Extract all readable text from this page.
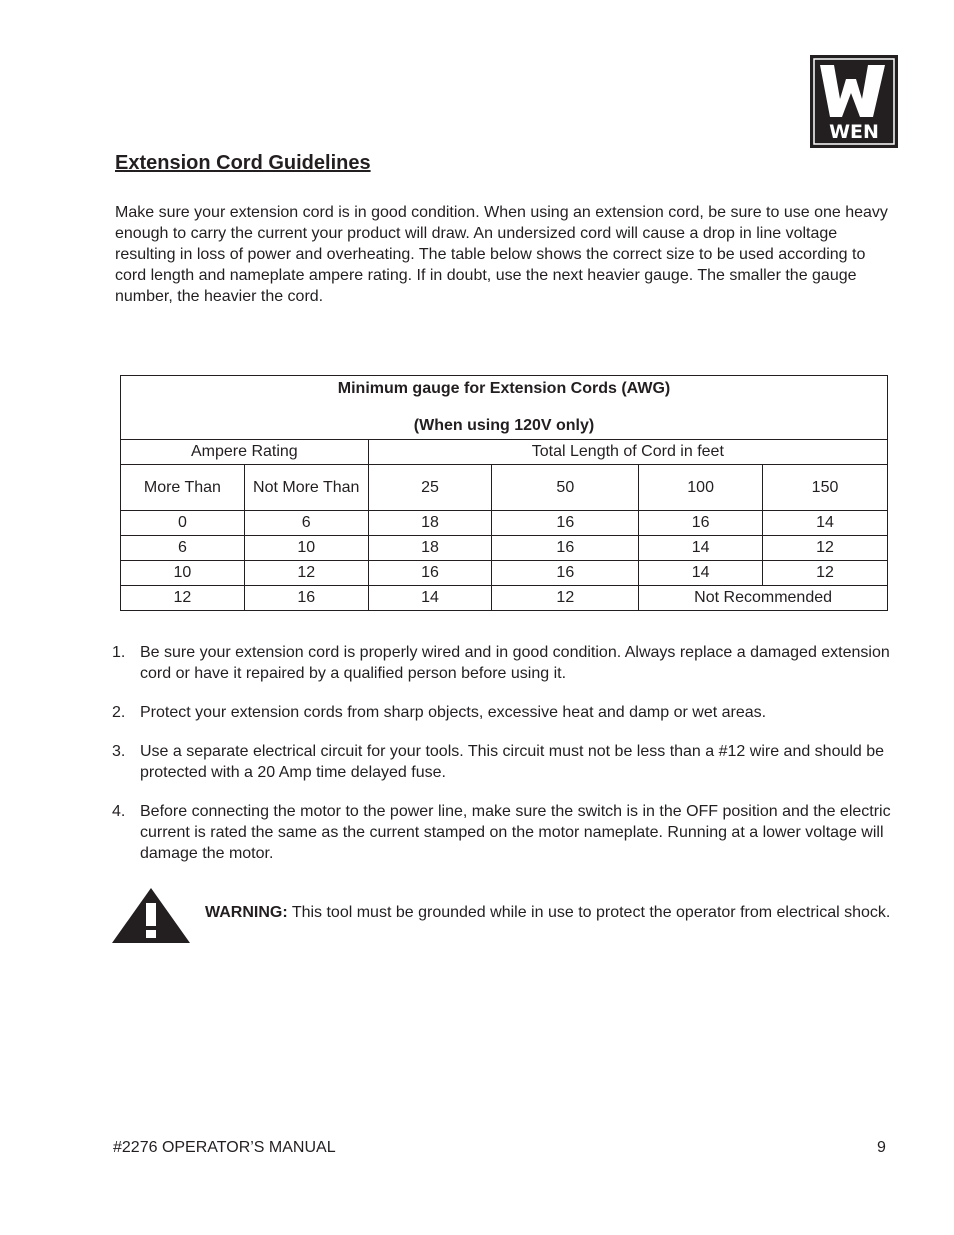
WEN
Extension Cord Guidelines

Make sure your extension cord is in good condition. When using an extension cord, be sure to use one heavy enough to carry the current your product will draw. An undersized cord will cause a drop in line voltage resulting in loss of power and overheating. The table below shows the correct size to be used according to cord length and nameplate ampere rating. If in doubt, use the next heavier gauge. The smaller the gauge number, the heavier the cord.

Minimum gauge for Extension Cords (AWG)
(When using 120V only)					

Ampere Rating		Total Length of Cord in feet			
More Than	Not More Than	25	50	100	150
0	6	18	16	16	14
6	10	18	16	14	12
10	12	16	16	14	12
12	16	14	12	Not Recommended	
1. Be sure your extension cord is properly wired and in good condition. Always replace a damaged extension cord or have it repaired by a qualified person before using it.
2. Protect your extension cords from sharp objects, excessive heat and damp or wet areas.
3. Use a separate electrical circuit for your tools. This circuit must not be less than a #12 wire and should be protected with a 20 Amp time delayed fuse.
4. Before connecting the motor to the power line, make sure the switch is in the OFF position and the electric current is rated the same as the current stamped on the motor nameplate. Running at a lower voltage will damage the motor.

WARNING: This tool must be grounded while in use to protect the operator from electrical shock.

#2276 OPERATOR’S MANUAL	9
